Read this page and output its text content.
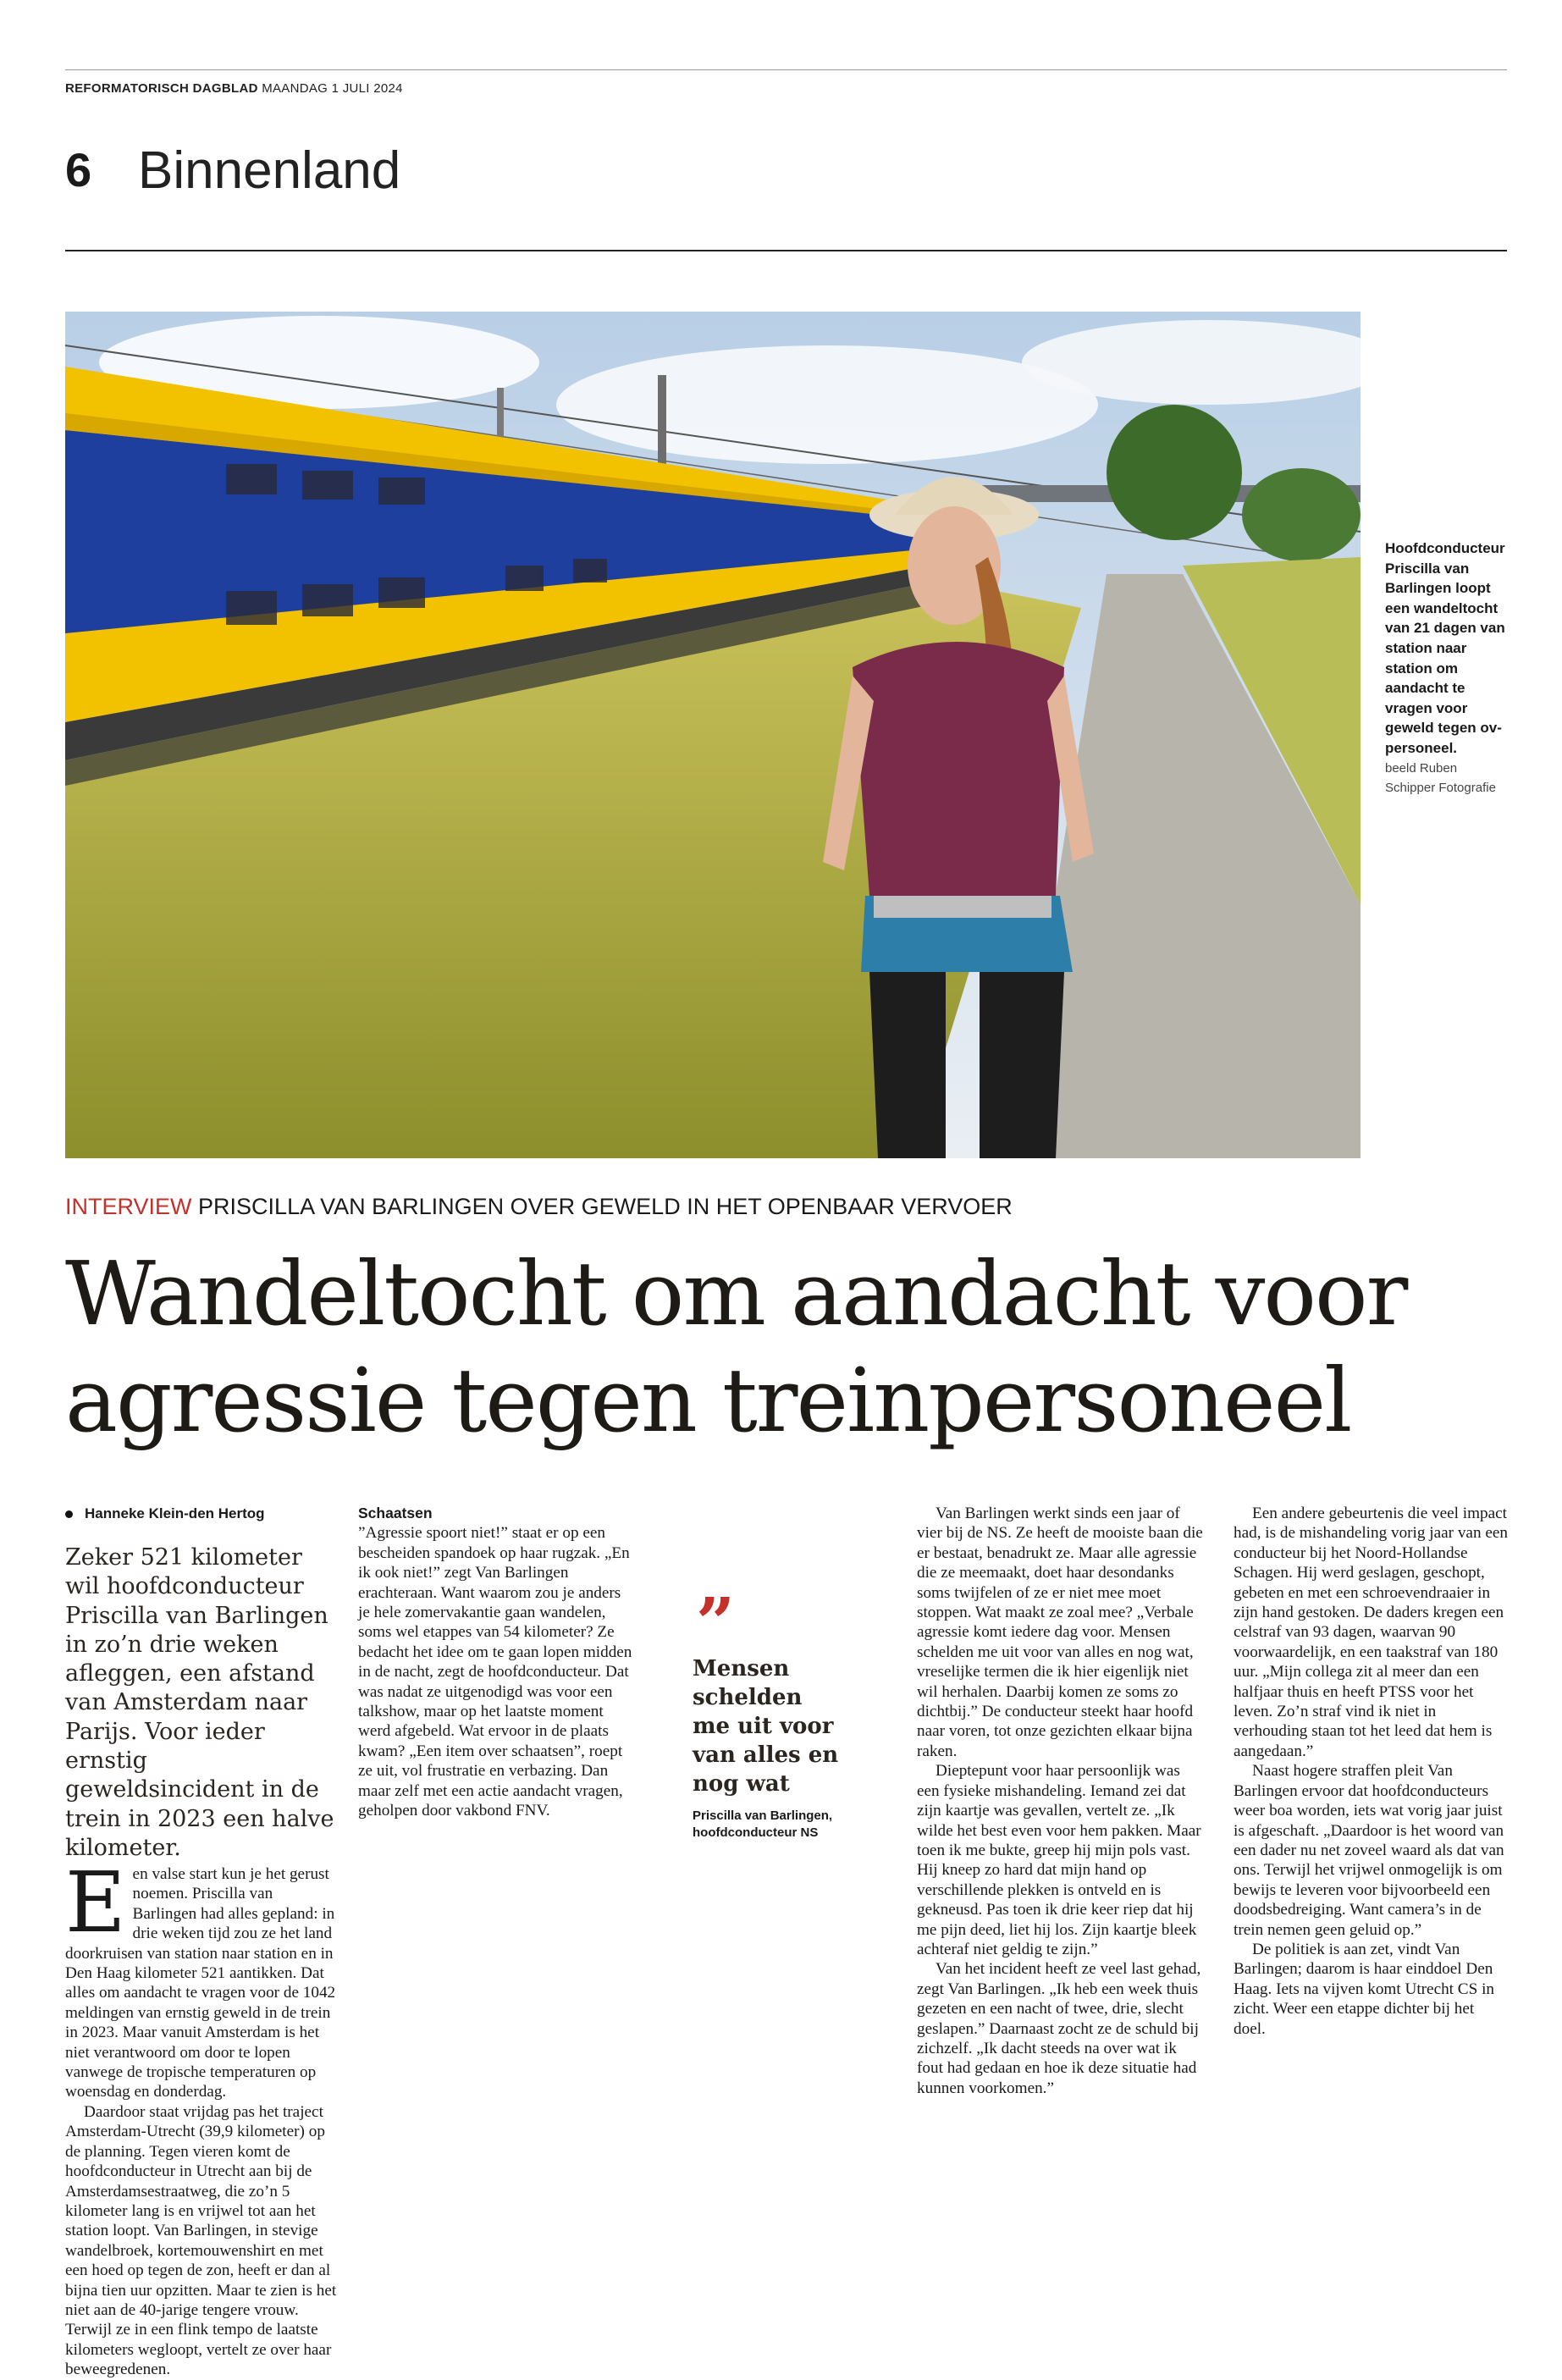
REFORMATORISCH DAGBLAD MAANDAG 1 JULI 2024
6 Binnenland
Hoofdconducteur Priscilla van Barlingen loopt een wandeltocht van 21 dagen van station naar station om aandacht te vragen voor geweld tegen ov-personeel.
beeld Ruben Schipper Fotografie
INTERVIEW PRISCILLA VAN BARLINGEN OVER GEWELD IN HET OPENBAAR VERVOER
Wandeltocht om aandacht voor
agressie tegen treinpersoneel
Hanneke Klein-den Hertog
Zeker 521 kilometer wil hoofdconducteur Priscilla van Barlingen in zo’n drie weken afleggen, een afstand van Amsterdam naar Parijs. Voor ieder ernstig geweldsincident in de trein in 2023 een halve kilometer.
E en valse start kun je het gerust noemen. Priscilla van Barlingen had alles gepland: in drie weken tijd zou ze het land doorkruisen van station naar station en in Den Haag kilometer 521 aantikken. Dat alles om aandacht te vragen voor de 1042 meldingen van ernstig geweld in de trein in 2023. Maar vanuit Amsterdam is het niet verantwoord om door te lopen vanwege de tropische temperaturen op woensdag en donderdag.

Daardoor staat vrijdag pas het traject Amsterdam-Utrecht (39,9 kilometer) op de planning. Tegen vieren komt de hoofdconducteur in Utrecht aan bij de Amsterdamsestraatweg, die zo’n 5 kilometer lang is en vrijwel tot aan het station loopt. Van Barlingen, in stevige wandelbroek, kortemouwenshirt en met een hoed op tegen de zon, heeft er dan al bijna tien uur opzitten. Maar te zien is het niet aan de 40-jarige tengere vrouw. Terwijl ze in een flink tempo de laatste kilometers wegloopt, vertelt ze over haar beweegredenen.

Schaatsen

”Agressie spoort niet!” staat er op een bescheiden spandoek op haar rugzak. „En ik ook niet!” zegt Van Barlingen erachteraan. Want waarom zou je anders je hele zomervakantie gaan wandelen, soms wel etappes van 54 kilometer? Ze bedacht het idee om te gaan lopen midden in de nacht, zegt de hoofdconducteur. Dat was nadat ze uitgenodigd was voor een talkshow, maar op het laatste moment werd afgebeld. Wat ervoor in de plaats kwam? „Een item over schaatsen”, roept ze uit, vol frustratie en verbazing. Dan maar zelf met een actie aandacht vragen, geholpen door vakbond FNV.

”
Mensen schelden me uit voor van alles en nog wat
Priscilla van Barlingen, hoofdconducteur NS

Van Barlingen werkt sinds een jaar of vier bij de NS. Ze heeft de mooiste baan die er bestaat, benadrukt ze. Maar alle agressie die ze meemaakt, doet haar desondanks soms twijfelen of ze er niet mee moet stoppen. Wat maakt ze zoal mee? „Verbale agressie komt iedere dag voor. Mensen schelden me uit voor van alles en nog wat, vreselijke termen die ik hier eigenlijk niet wil herhalen. Daarbij komen ze soms zo dichtbij.” De conducteur steekt haar hoofd naar voren, tot onze gezichten elkaar bijna raken.

Dieptepunt voor haar persoonlijk was een fysieke mishandeling. Iemand zei dat zijn kaartje was gevallen, vertelt ze. „Ik wilde het best even voor hem pakken. Maar toen ik me bukte, greep hij mijn pols vast. Hij kneep zo hard dat mijn hand op verschillende plekken is ontveld en is gekneusd. Pas toen ik drie keer riep dat hij me pijn deed, liet hij los. Zijn kaartje bleek achteraf niet geldig te zijn.”

Van het incident heeft ze veel last gehad, zegt Van Barlingen. „Ik heb een week thuis gezeten en een nacht of twee, drie, slecht geslapen.” Daarnaast zocht ze de schuld bij zichzelf. „Ik dacht steeds na over wat ik fout had gedaan en hoe ik deze situatie had kunnen voorkomen.”

Een andere gebeurtenis die veel impact had, is de mishandeling vorig jaar van een conducteur bij het Noord-Hollandse Schagen. Hij werd geslagen, geschopt, gebeten en met een schroevendraaier in zijn hand gestoken. De daders kregen een celstraf van 93 dagen, waarvan 90 voorwaardelijk, en een taakstraf van 180 uur. „Mijn collega zit al meer dan een halfjaar thuis en heeft PTSS voor het leven. Zo’n straf vind ik niet in verhouding staan tot het leed dat hem is aangedaan.”

Naast hogere straffen pleit Van Barlingen ervoor dat hoofdconducteurs weer boa worden, iets wat vorig jaar juist is afgeschaft. „Daardoor is het woord van een dader nu net zoveel waard als dat van ons. Terwijl het vrijwel onmogelijk is om bewijs te leveren voor bijvoorbeeld een doodsbedreiging. Want camera’s in de trein nemen geen geluid op.”

De politiek is aan zet, vindt Van Barlingen; daarom is haar einddoel Den Haag. Iets na vijven komt Utrecht CS in zicht. Weer een etappe dichter bij het doel.
